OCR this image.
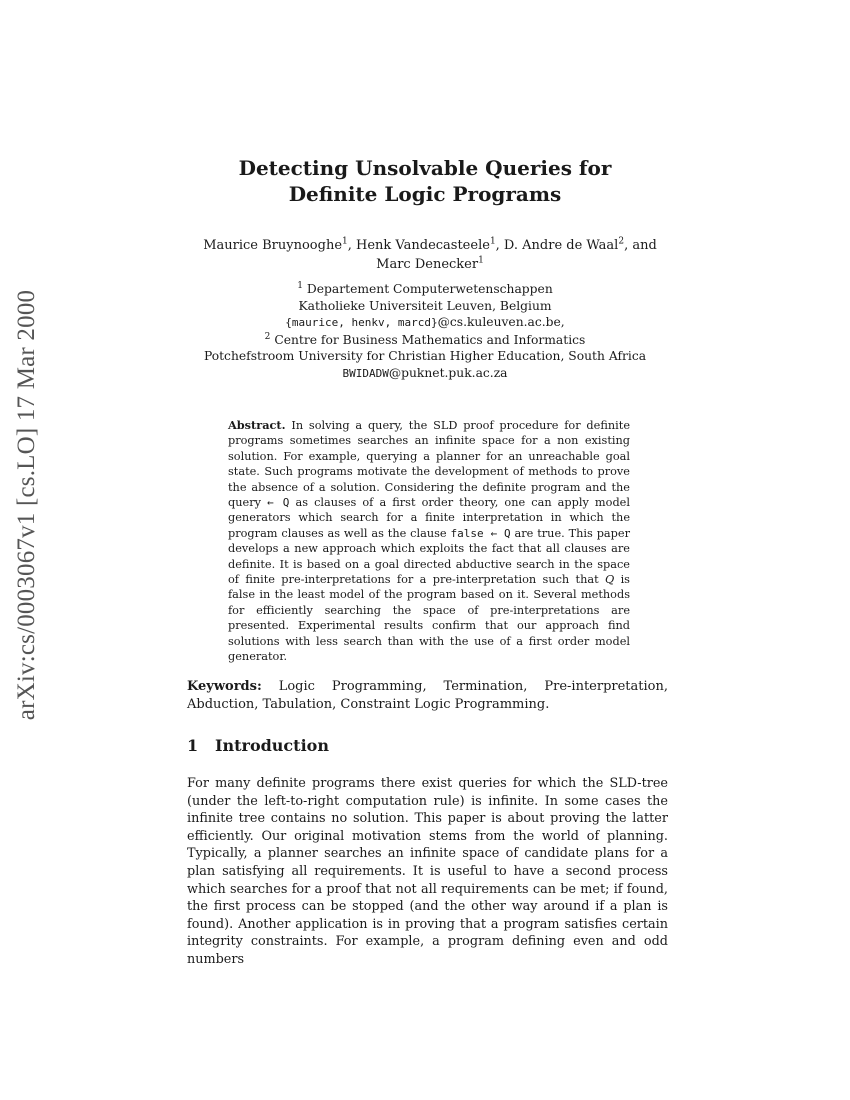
arXiv:cs/0003067v1 [cs.LO] 17 Mar 2000
Detecting Unsolvable Queries for
Definite Logic Programs
Maurice Bruynooghe$^1$, Henk Vandecasteele$^1$, D. Andre de Waal$^2$, and Marc Denecker$^1$
$^1$ Departement Computerwetenschappen
Katholieke Universiteit Leuven, Belgium
{maurice, henkv, marcd}@cs.kuleuven.ac.be,
$^2$ Centre for Business Mathematics and Informatics
Potchefstroom University for Christian Higher Education, South Africa
BWIDADW@puknet.puk.ac.za
Abstract. In solving a query, the SLD proof procedure for definite programs sometimes searches an infinite space for a non existing solution. For example, querying a planner for an unreachable goal state. Such programs motivate the development of methods to prove the absence of a solution. Considering the definite program and the query ← Q as clauses of a first order theory, one can apply model generators which search for a finite interpretation in which the program clauses as well as the clause false ← Q are true. This paper develops a new approach which exploits the fact that all clauses are definite. It is based on a goal directed abductive search in the space of finite pre-interpretations for a pre-interpretation such that Q is false in the least model of the program based on it. Several methods for efficiently searching the space of pre-interpretations are presented. Experimental results confirm that our approach find solutions with less search than with the use of a first order model generator.
Keywords: Logic Programming, Termination, Pre-interpretation, Abduction, Tabulation, Constraint Logic Programming.
1 Introduction
For many definite programs there exist queries for which the SLD-tree (under the left-to-right computation rule) is infinite. In some cases the infinite tree contains no solution. This paper is about proving the latter efficiently. Our original motivation stems from the world of planning. Typically, a planner searches an infinite space of candidate plans for a plan satisfying all requirements. It is useful to have a second process which searches for a proof that not all requirements can be met; if found, the first process can be stopped (and the other way around if a plan is found). Another application is in proving that a program satisfies certain integrity constraints. For example, a program defining even and odd numbers
